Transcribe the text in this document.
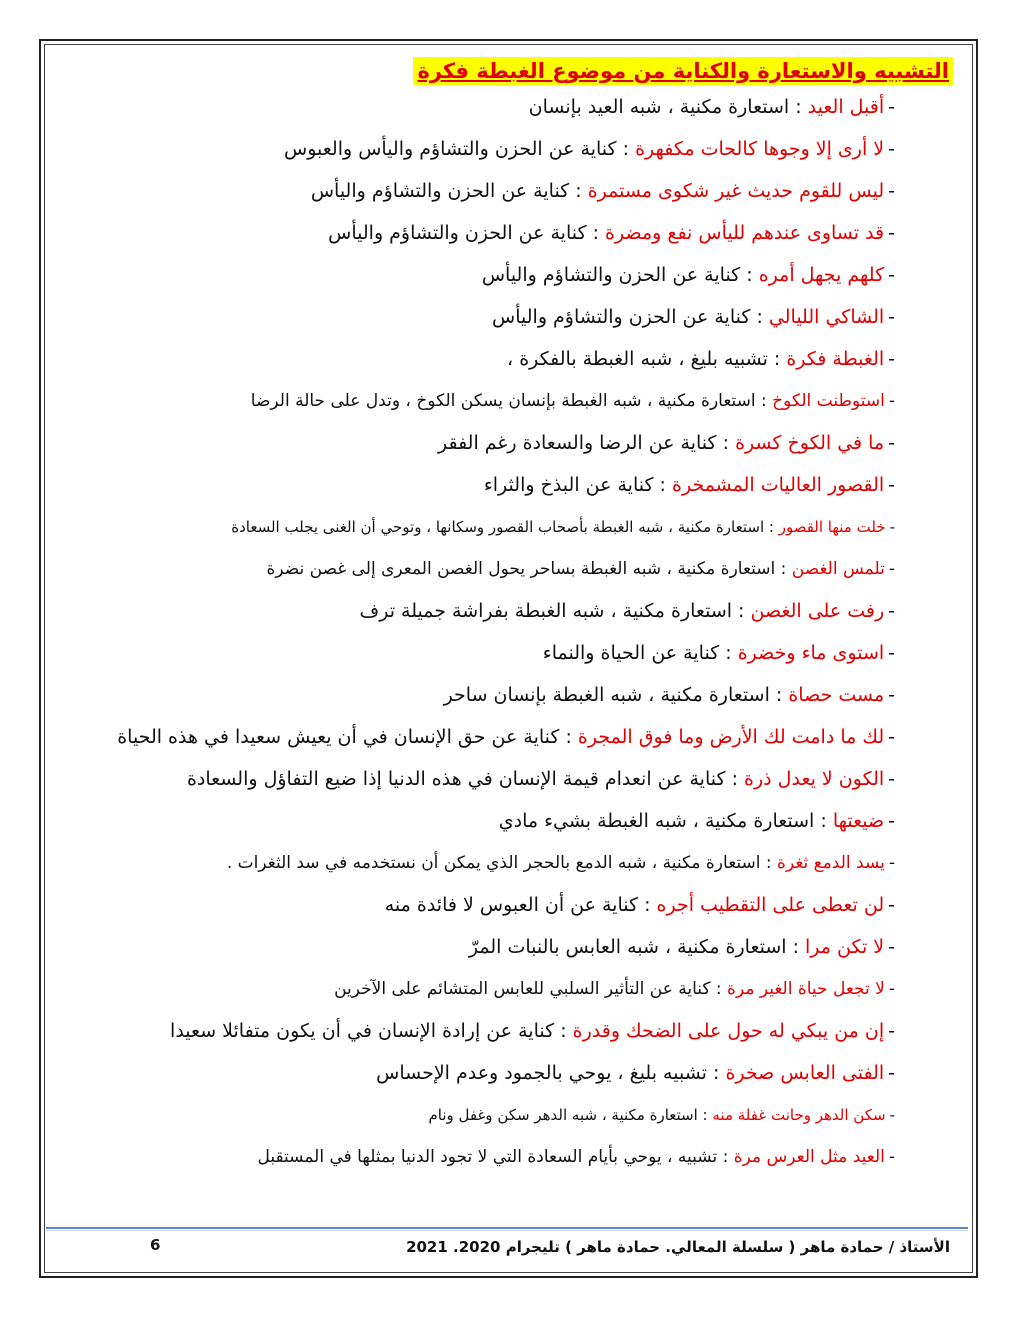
التشبيه والاستعارة والكناية من موضوع الغبطة فكرة
-أقبل العيد : استعارة مكنية ، شبه العيد بإنسان
-لا أرى إلا وجوها كالحات مكفهرة : كناية عن الحزن والتشاؤم واليأس والعبوس
-ليس للقوم حديث غير شكوى مستمرة : كناية عن الحزن والتشاؤم واليأس
-قد تساوى عندهم لليأس نفع ومضرة : كناية عن الحزن والتشاؤم واليأس
-كلهم يجهل أمره : كناية عن الحزن والتشاؤم واليأس
-الشاكي الليالي : كناية عن الحزن والتشاؤم واليأس
-الغبطة فكرة : تشبيه بليغ ، شبه الغبطة بالفكرة ،
-استوطنت الكوخ : استعارة مكنية ، شبه الغبطة بإنسان يسكن الكوخ ، وتدل على حالة الرضا
-ما في الكوخ كسرة : كناية عن الرضا والسعادة رغم الفقر
-القصور العاليات المشمخرة : كناية عن البذخ والثراء
-خلت منها القصور : استعارة مكنية ، شبه الغبطة بأصحاب القصور وسكانها ، وتوحي أن الغنى يجلب السعادة
-تلمس الغصن : استعارة مكنية ، شبه الغبطة بساحر يحول الغصن المعرى إلى غصن نضرة
-رفت على الغصن : استعارة مكنية ، شبه الغبطة بفراشة جميلة ترف
-استوى ماء وخضرة : كناية عن الحياة والنماء
-مست حصاة : استعارة مكنية ، شبه الغبطة بإنسان ساحر
-لك ما دامت لك الأرض وما فوق المجرة : كناية عن حق الإنسان في أن يعيش سعيدا في هذه الحياة
-الكون لا يعدل ذرة : كناية عن انعدام قيمة الإنسان في هذه الدنيا إذا ضيع التفاؤل والسعادة
-ضيعتها : استعارة مكنية ، شبه الغبطة بشيء مادي
-يسد الدمع ثغرة : استعارة مكنية ، شبه الدمع بالحجر الذي يمكن أن نستخدمه في سد الثغرات .
-لن تعطى على التقطيب أجره : كناية عن أن العبوس لا فائدة منه
-لا تكن مرا : استعارة مكنية ، شبه العابس بالنبات المرّ
-لا تجعل حياة الغير مرة : كناية عن التأثير السلبي للعابس المتشائم على الآخرين
-إن من يبكي له حول على الضحك وقدرة : كناية عن إرادة الإنسان في أن يكون متفائلا سعيدا
-الفتى العابس صخرة : تشبيه بليغ ، يوحي بالجمود وعدم الإحساس
-سكن الدهر وحانت غفلة منه : استعارة مكنية ، شبه الدهر سكن وغفل ونام
-العيد مثل العرس مرة : تشبيه ، يوحي بأيام السعادة التي لا تجود الدنيا بمثلها في المستقبل
الأستاذ / حمادة ماهر ( سلسلة المعالي. حمادة ماهر ) تليجرام 2020. 2021
6
